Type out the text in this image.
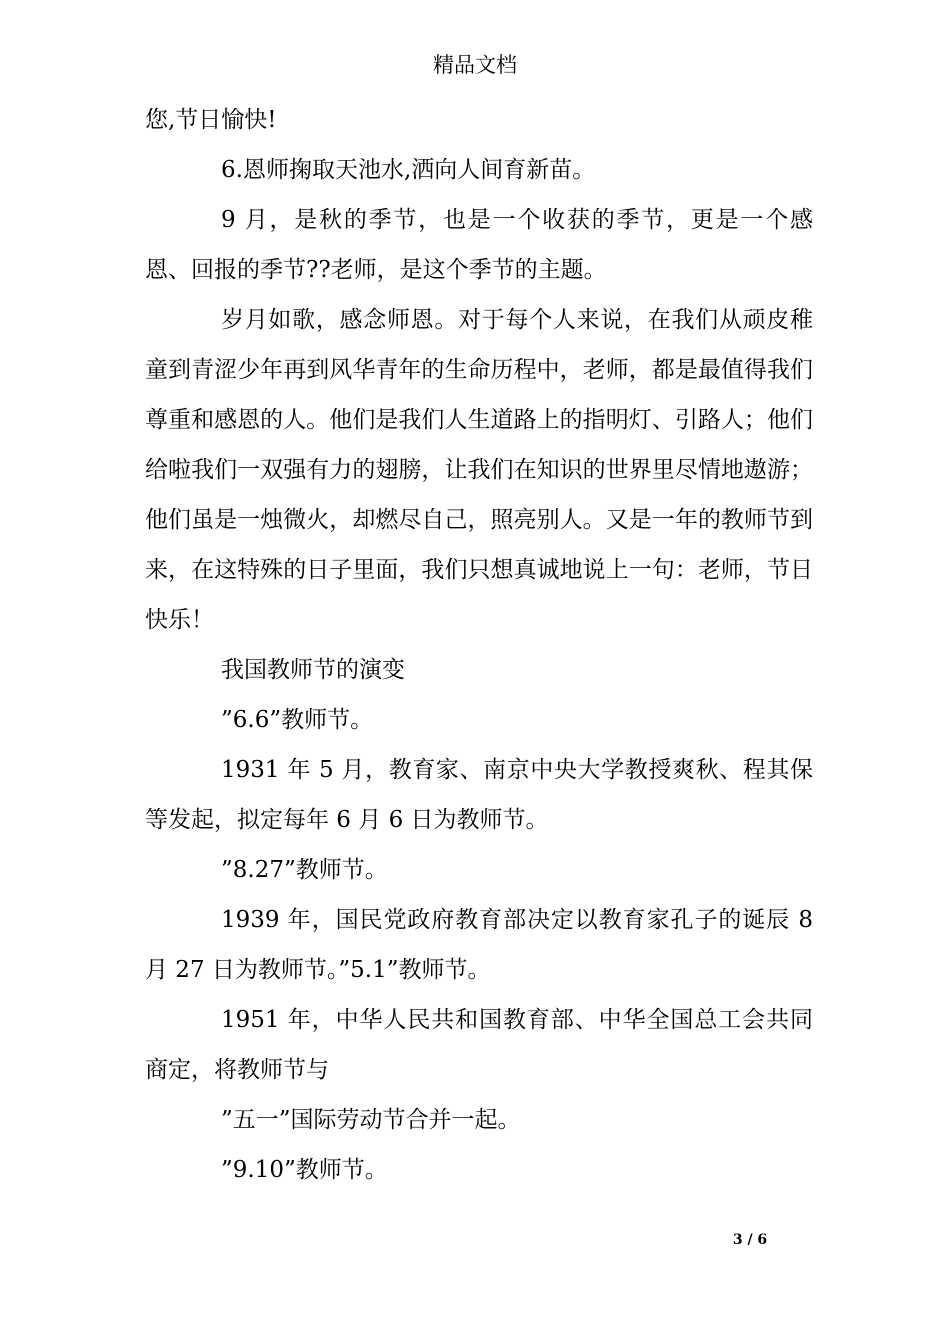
精品文档

您,节日愉快!

6.恩师掬取天池水,洒向人间育新苗。

9 月，是秋的季节，也是一个收获的季节，更是一个感恩、回报的季节??老师，是这个季节的主题。

岁月如歌，感念师恩。对于每个人来说，在我们从顽皮稚童到青涩少年再到风华青年的生命历程中，老师，都是最值得我们尊重和感恩的人。他们是我们人生道路上的指明灯、引路人；他们给啦我们一双强有力的翅膀，让我们在知识的世界里尽情地遨游；他们虽是一烛微火，却燃尽自己，照亮别人。又是一年的教师节到来，在这特殊的日子里面，我们只想真诚地说上一句：老师，节日快乐！

我国教师节的演变

”6.6”教师节。

1931 年 5 月，教育家、南京中央大学教授爽秋、程其保等发起，拟定每年 6 月 6 日为教师节。

”8.27”教师节。

1939 年，国民党政府教育部决定以教育家孔子的诞辰 8 月 27 日为教师节。”5.1”教师节。

1951 年，中华人民共和国教育部、中华全国总工会共同商定，将教师节与

”五一”国际劳动节合并一起。

”9.10”教师节。

3 / 6
